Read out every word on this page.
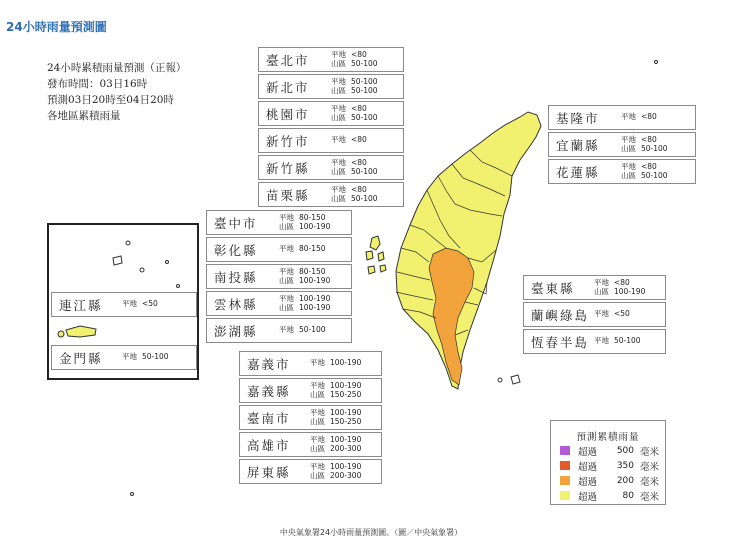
24小時雨量預測圖
24小時累積雨量預測（正報）
發布時間：03日16時
預測03日20時至04日20時
各地區累積雨量
臺北市	平地 <80
山區 50-100
新北市	平地 50-100
山區 50-100
桃園市	平地 <80
山區 50-100
新竹市	平地 <80
新竹縣	平地 <80
山區 50-100
苗栗縣	平地 <80
山區 50-100
臺中市	平地 80-150
山區 100-190
彰化縣	平地 80-150
南投縣	平地 80-150
山區 100-190
雲林縣	平地 100-190
山區 100-190
澎湖縣	平地 50-100
嘉義市	平地 100-190
嘉義縣	平地 100-190
山區 150-250
臺南市	平地 100-190
山區 150-250
高雄市	平地 100-190
山區 200-300
屏東縣	平地 100-190
山區 200-300
基隆市	平地 <80
宜蘭縣	平地 <80
山區 50-100
花蓮縣	平地 <80
山區 50-100
臺東縣	平地 <80
山區 100-190
蘭嶼綠島 平地 <50
恆春半島 平地 50-100
連江縣	平地 <50
金門縣	平地 50-100
預測累積雨量
超過	500 毫米
超過	350 毫米
超過	200 毫米
超過	80 毫米
中央氣象署24小時雨量預測圖。（圖／中央氣象署）
